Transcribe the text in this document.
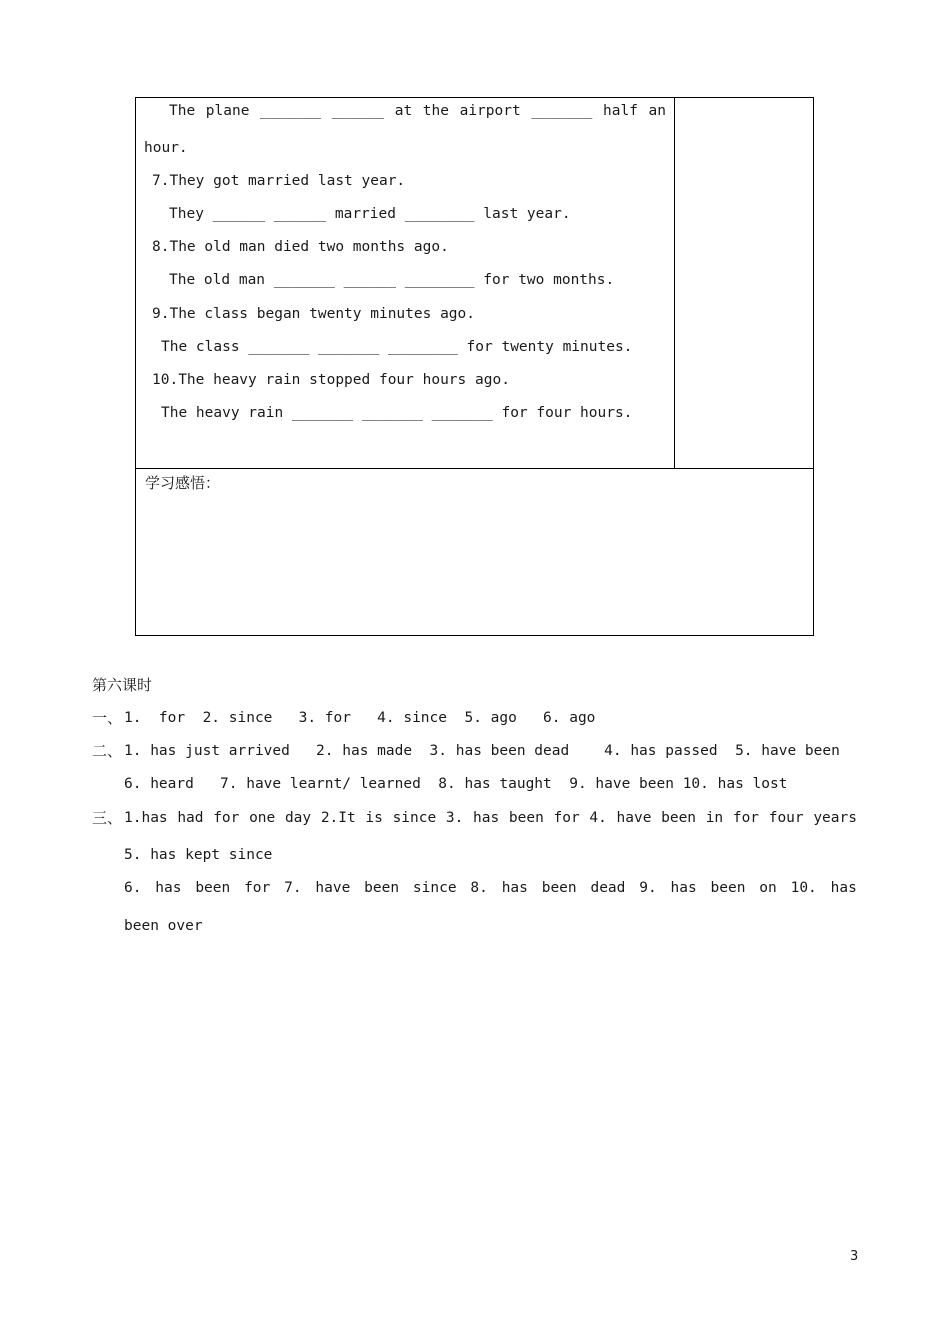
The plane _______ ______ at the airport _______ half an
hour.
7.They got married last year.
They ______ ______ married ________ last year.
8.The old man died two months ago.
The old man _______ ______ ________ for two months.
9.The class began twenty minutes ago.
The class _______ _______ ________ for twenty minutes.
10.The heavy rain stopped four hours ago.
The heavy rain _______ _______ _______ for four hours.
学习感悟：
第六课时
一、 1.  for  2. since   3. for   4. since  5. ago   6. ago
二、 1. has just arrived   2. has made  3. has been dead    4. has passed  5. have been
6. heard   7. have learnt/ learned  8. has taught  9. have been 10. has lost
三、 1.has had for one day 2.It is since 3. has been for 4. have been in for four years
5. has kept since
6. has been for 7. have been since 8. has been dead 9. has been on 10. has
been over
3
